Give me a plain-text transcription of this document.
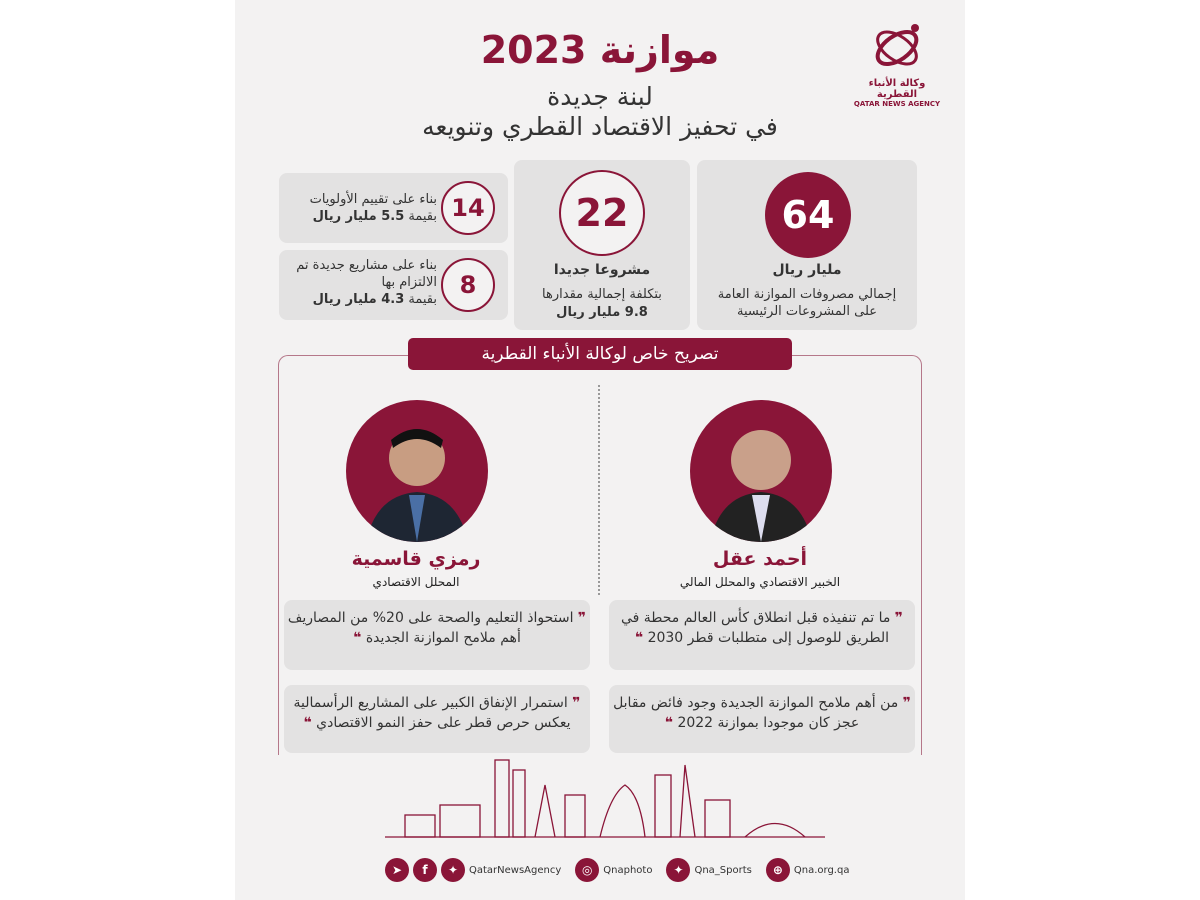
وكالة الأنباء القطرية
QATAR NEWS AGENCY
موازنة 2023
لبنة جديدة
في تحفيز الاقتصاد القطري وتنويعه
64
مليار ريال
إجمالي مصروفات الموازنة العامة على المشروعات الرئيسية
22
مشروعا جديدا
بتكلفة إجمالية مقدارها
9.8 مليار ريال
14
بناء على تقييم الأولويات
بقيمة 5.5 مليار ريال
8
بناء على مشاريع جديدة تم الالتزام بها
بقيمة 4.3 مليار ريال
تصريح خاص لوكالة الأنباء القطرية
أحمد عقل
الخبير الاقتصادي والمحلل المالي
رمزي قاسمية
المحلل الاقتصادي
❞ ما تم تنفيذه قبل انطلاق كأس العالم محطة في الطريق للوصول إلى متطلبات قطر 2030 ❝
❞ من أهم ملامح الموازنة الجديدة وجود فائض مقابل عجز كان موجودا بموازنة 2022 ❝
❞ استحواذ التعليم والصحة على 20% من المصاريف أهم ملامح الموازنة الجديدة ❝
❞ استمرار الإنفاق الكبير على المشاريع الرأسمالية يعكس حرص قطر على حفز النمو الاقتصادي ❝
➤	f	✦	QatarNewsAgency	◎	Qnaphoto	✦	Qna_Sports	⊕	Qna.org.qa
